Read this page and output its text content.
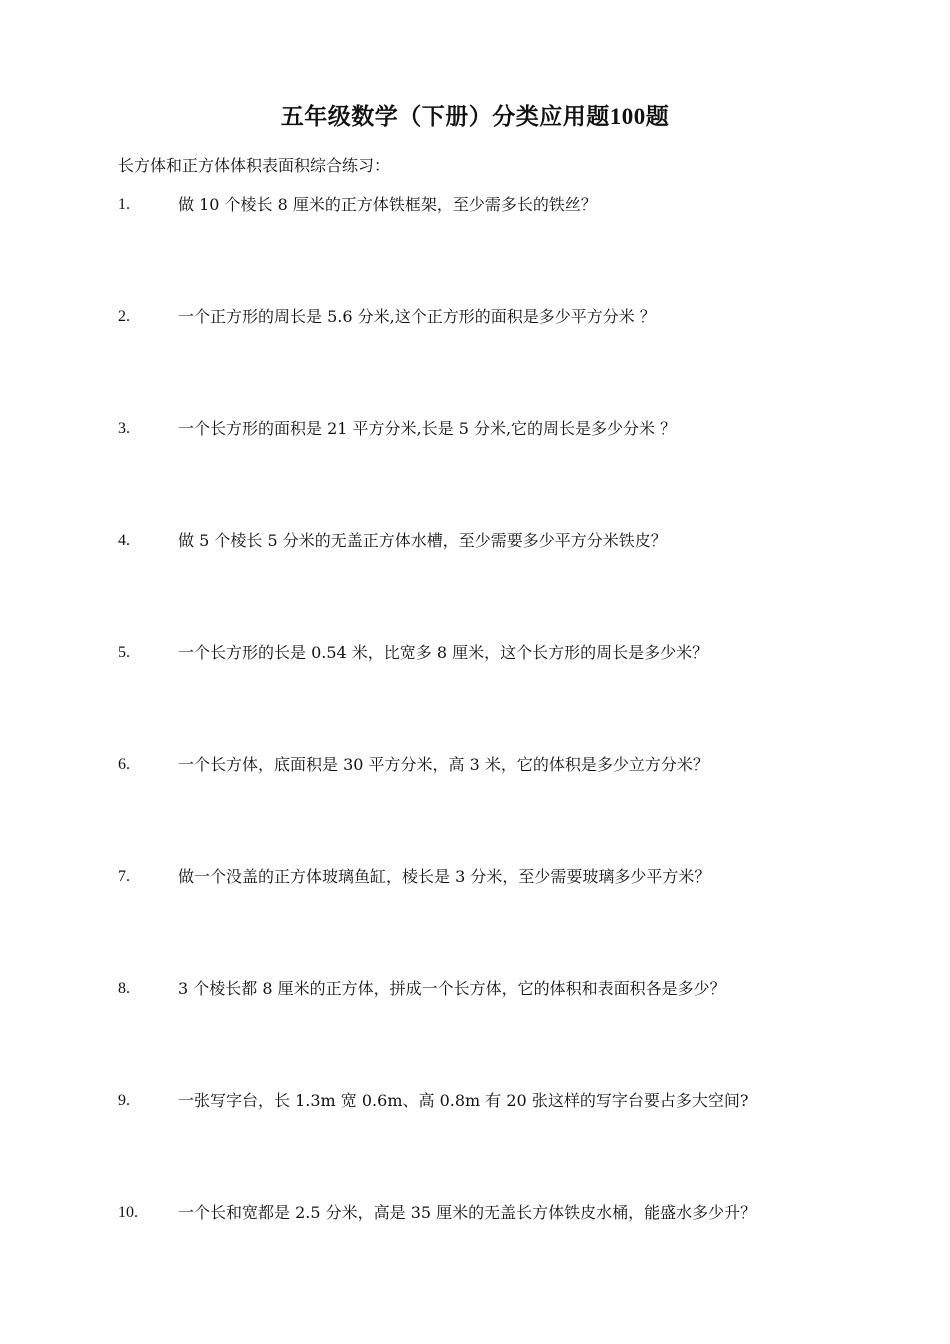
五年级数学（下册）分类应用题100题

长方体和正方体体积表面积综合练习：

1.	做 10 个棱长 8 厘米的正方体铁框架，至少需多长的铁丝？
2.	一个正方形的周长是 5.6 分米,这个正方形的面积是多少平方分米 ？
3.	一个长方形的面积是 21 平方分米,长是 5 分米,它的周长是多少分米 ？
4.	做 5 个棱长 5 分米的无盖正方体水槽，至少需要多少平方分米铁皮？
5.	一个长方形的长是 0.54 米，比宽多 8 厘米，这个长方形的周长是多少米？
6.	一个长方体，底面积是 30 平方分米，高 3 米，它的体积是多少立方分米？
7.	做一个没盖的正方体玻璃鱼缸，棱长是 3 分米，至少需要玻璃多少平方米？
8.	3 个棱长都 8 厘米的正方体，拼成一个长方体，它的体积和表面积各是多少？
9.	一张写字台，长 1.3m 宽 0.6m、高 0.8m 有 20 张这样的写字台要占多大空间?
10.	一个长和宽都是 2.5 分米，高是 35 厘米的无盖长方体铁皮水桶，能盛水多少升？
